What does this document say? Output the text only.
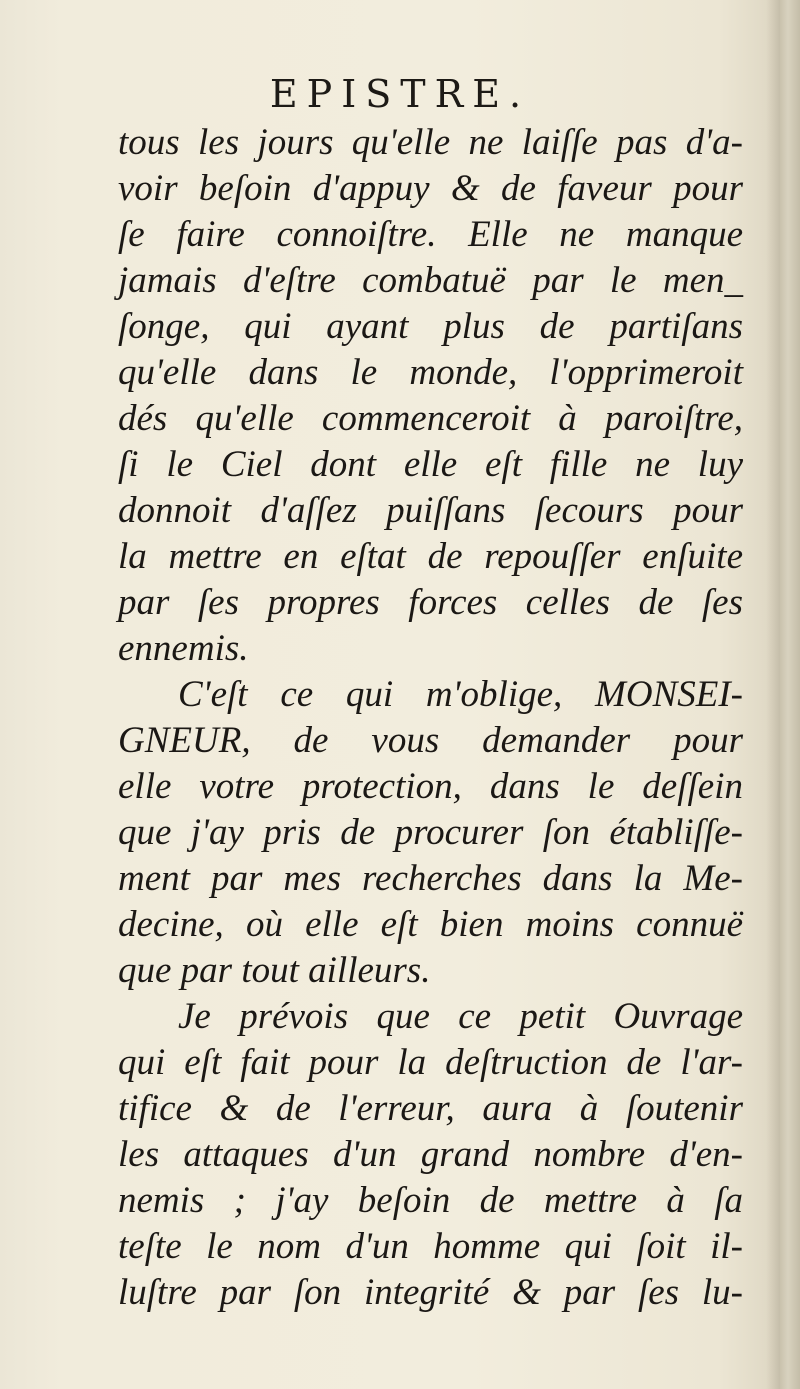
EPISTRE.
tous les jours qu'elle ne laiſſe pas d'a-
voir beſoin d'appuy & de faveur pour
ſe faire connoiſtre. Elle ne manque
jamais d'eſtre combatuë par le men_
ſonge, qui ayant plus de partiſans
qu'elle dans le monde, l'opprimeroit
dés qu'elle commenceroit à paroiſtre,
ſi le Ciel dont elle eſt fille ne luy
donnoit d'aſſez puiſſans ſecours pour
la mettre en eſtat de repouſſer enſuite
par ſes propres forces celles de ſes
ennemis.
C'eſt ce qui m'oblige, MONSEI-
GNEUR, de vous demander pour
elle votre protection, dans le deſſein
que j'ay pris de procurer ſon établiſſe-
ment par mes recherches dans la Me-
decine, où elle eſt bien moins connuë
que par tout ailleurs.
Je prévois que ce petit Ouvrage
qui eſt fait pour la deſtruction de l'ar-
tifice & de l'erreur, aura à ſoutenir
les attaques d'un grand nombre d'en-
nemis ; j'ay beſoin de mettre à ſa
teſte le nom d'un homme qui ſoit il-
luſtre par ſon integrité & par ſes lu-
